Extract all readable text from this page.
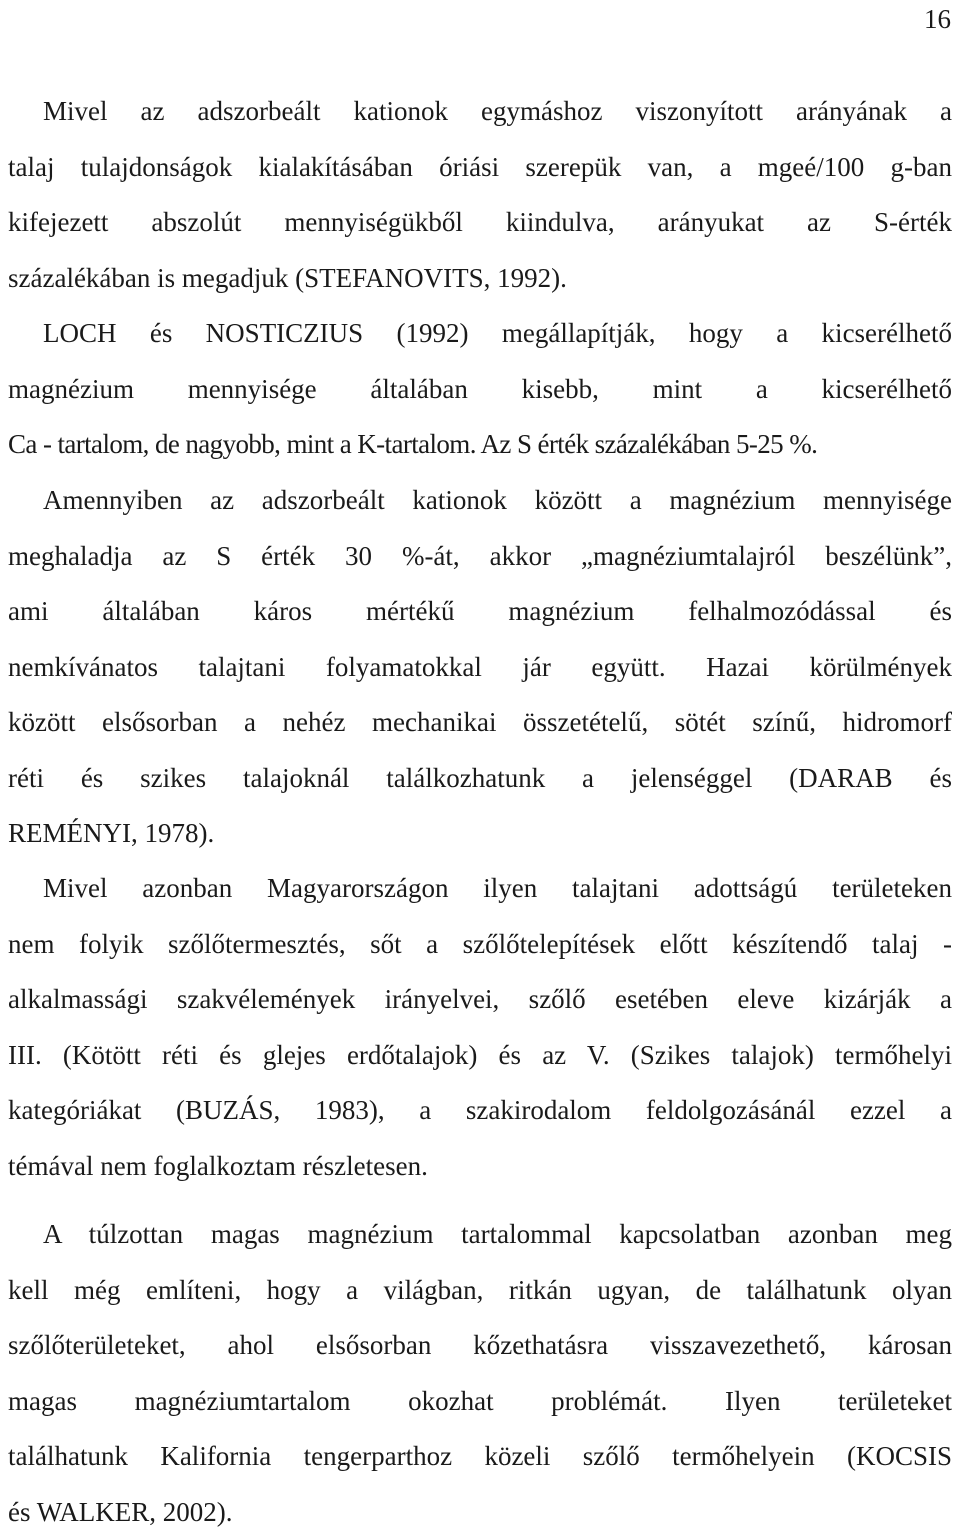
16
Mivel az adszorbeált kationok egymáshoz viszonyított arányának a
talaj tulajdonságok kialakításában óriási szerepük van, a mgeé/100 g-ban
kifejezett abszolút mennyiségükből kiindulva, arányukat az S-érték
százalékában is megadjuk (STEFANOVITS, 1992).
LOCH és NOSTICZIUS (1992) megállapítják, hogy a kicserélhető
magnézium mennyisége általában kisebb, mint a kicserélhető
Ca - tartalom, de nagyobb, mint a K-tartalom. Az S érték százalékában 5-25 %.
Amennyiben az adszorbeált kationok között a magnézium mennyisége
meghaladja az S érték 30 %-át, akkor „magnéziumtalajról beszélünk”,
ami általában káros mértékű magnézium felhalmozódással és
nemkívánatos talajtani folyamatokkal jár együtt. Hazai körülmények
között elsősorban a nehéz mechanikai összetételű, sötét színű, hidromorf
réti és szikes talajoknál találkozhatunk a jelenséggel (DARAB és
REMÉNYI, 1978).
Mivel azonban Magyarországon ilyen talajtani adottságú területeken
nem folyik szőlőtermesztés, sőt a szőlőtelepítések előtt készítendő talaj -
alkalmassági szakvélemények irányelvei, szőlő esetében eleve kizárják a
III. (Kötött réti és glejes erdőtalajok) és az V. (Szikes talajok) termőhelyi
kategóriákat (BUZÁS, 1983), a szakirodalom feldolgozásánál ezzel a
témával nem foglalkoztam részletesen.
A túlzottan magas magnézium tartalommal kapcsolatban azonban meg
kell még említeni, hogy a világban, ritkán ugyan, de találhatunk olyan
szőlőterületeket, ahol elsősorban kőzethatásra visszavezethető, károsan
magas magnéziumtartalom okozhat problémát. Ilyen területeket
találhatunk Kalifornia tengerparthoz közeli szőlő termőhelyein (KOCSIS
és WALKER, 2002).
